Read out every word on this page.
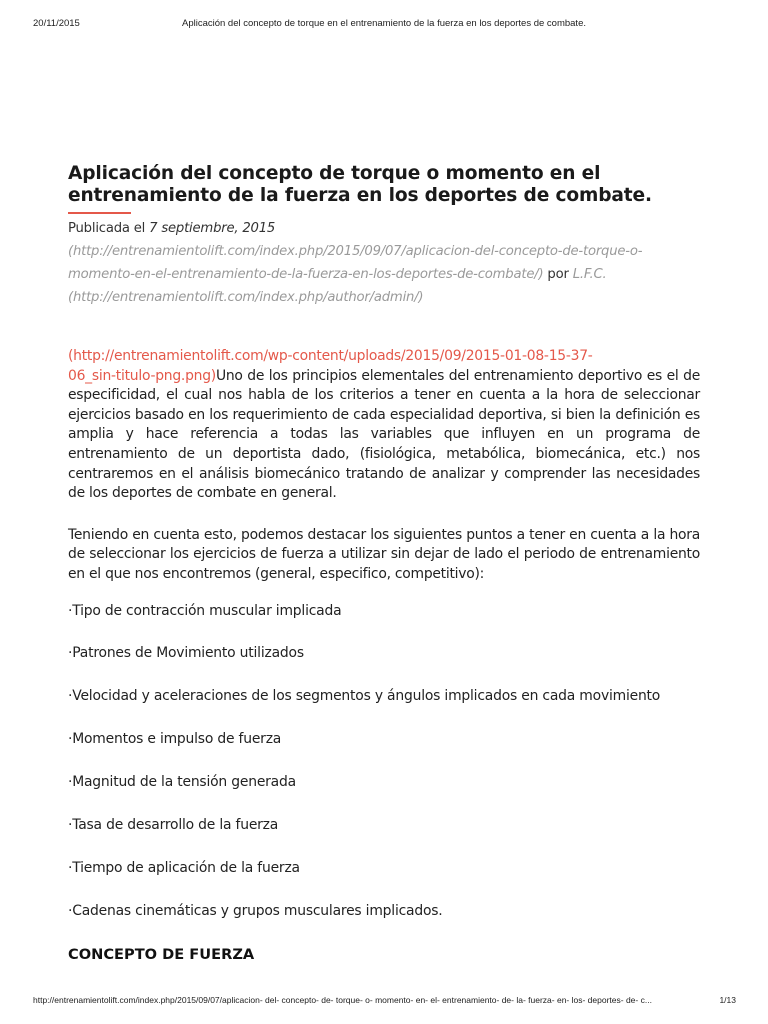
20/11/2015	Aplicación del concepto de torque en el entrenamiento de la fuerza en los deportes de combate.
Aplicación del concepto de torque o momento en el
entrenamiento de la fuerza en los deportes de combate.
Publicada el 7 septiembre, 2015
(http://entrenamientolift.com/index.php/2015/09/07/aplicacion-del-concepto-de-torque-o-
momento-en-el-entrenamiento-de-la-fuerza-en-los-deportes-de-combate/) por L.F.C.
(http://entrenamientolift.com/index.php/author/admin/)

(http://entrenamientolift.com/wp-content/uploads/2015/09/2015-01-08-15-37-
06_sin-titulo-png.png)Uno de los principios elementales del entrenamiento deportivo es el de especificidad, el cual nos habla de los criterios a tener en cuenta a la hora de seleccionar ejercicios basado en los requerimiento de cada especialidad deportiva, si bien la definición es amplia y hace referencia a todas las variables que influyen en un programa de entrenamiento de un deportista dado, (fisiológica, metabólica, biomecánica, etc.) nos centraremos en el análisis biomecánico tratando de analizar y comprender las necesidades de los deportes de combate en general.

Teniendo en cuenta esto, podemos destacar los siguientes puntos a tener en cuenta a la hora de seleccionar los ejercicios de fuerza a utilizar sin dejar de lado el periodo de entrenamiento en el que nos encontremos (general, especifico, competitivo):

·Tipo de contracción muscular implicada
·Patrones de Movimiento utilizados
·Velocidad y aceleraciones de los segmentos y ángulos implicados en cada movimiento
·Momentos e impulso de fuerza
·Magnitud de la tensión generada
·Tasa de desarrollo de la fuerza
·Tiempo de aplicación de la fuerza
·Cadenas cinemáticas y grupos musculares implicados.
CONCEPTO DE FUERZA
http://entrenamientolift.com/index.php/2015/09/07/aplicacion- del- concepto- de- torque- o- momento- en- el- entrenamiento- de- la- fuerza- en- los- deportes- de- c...	1/13
